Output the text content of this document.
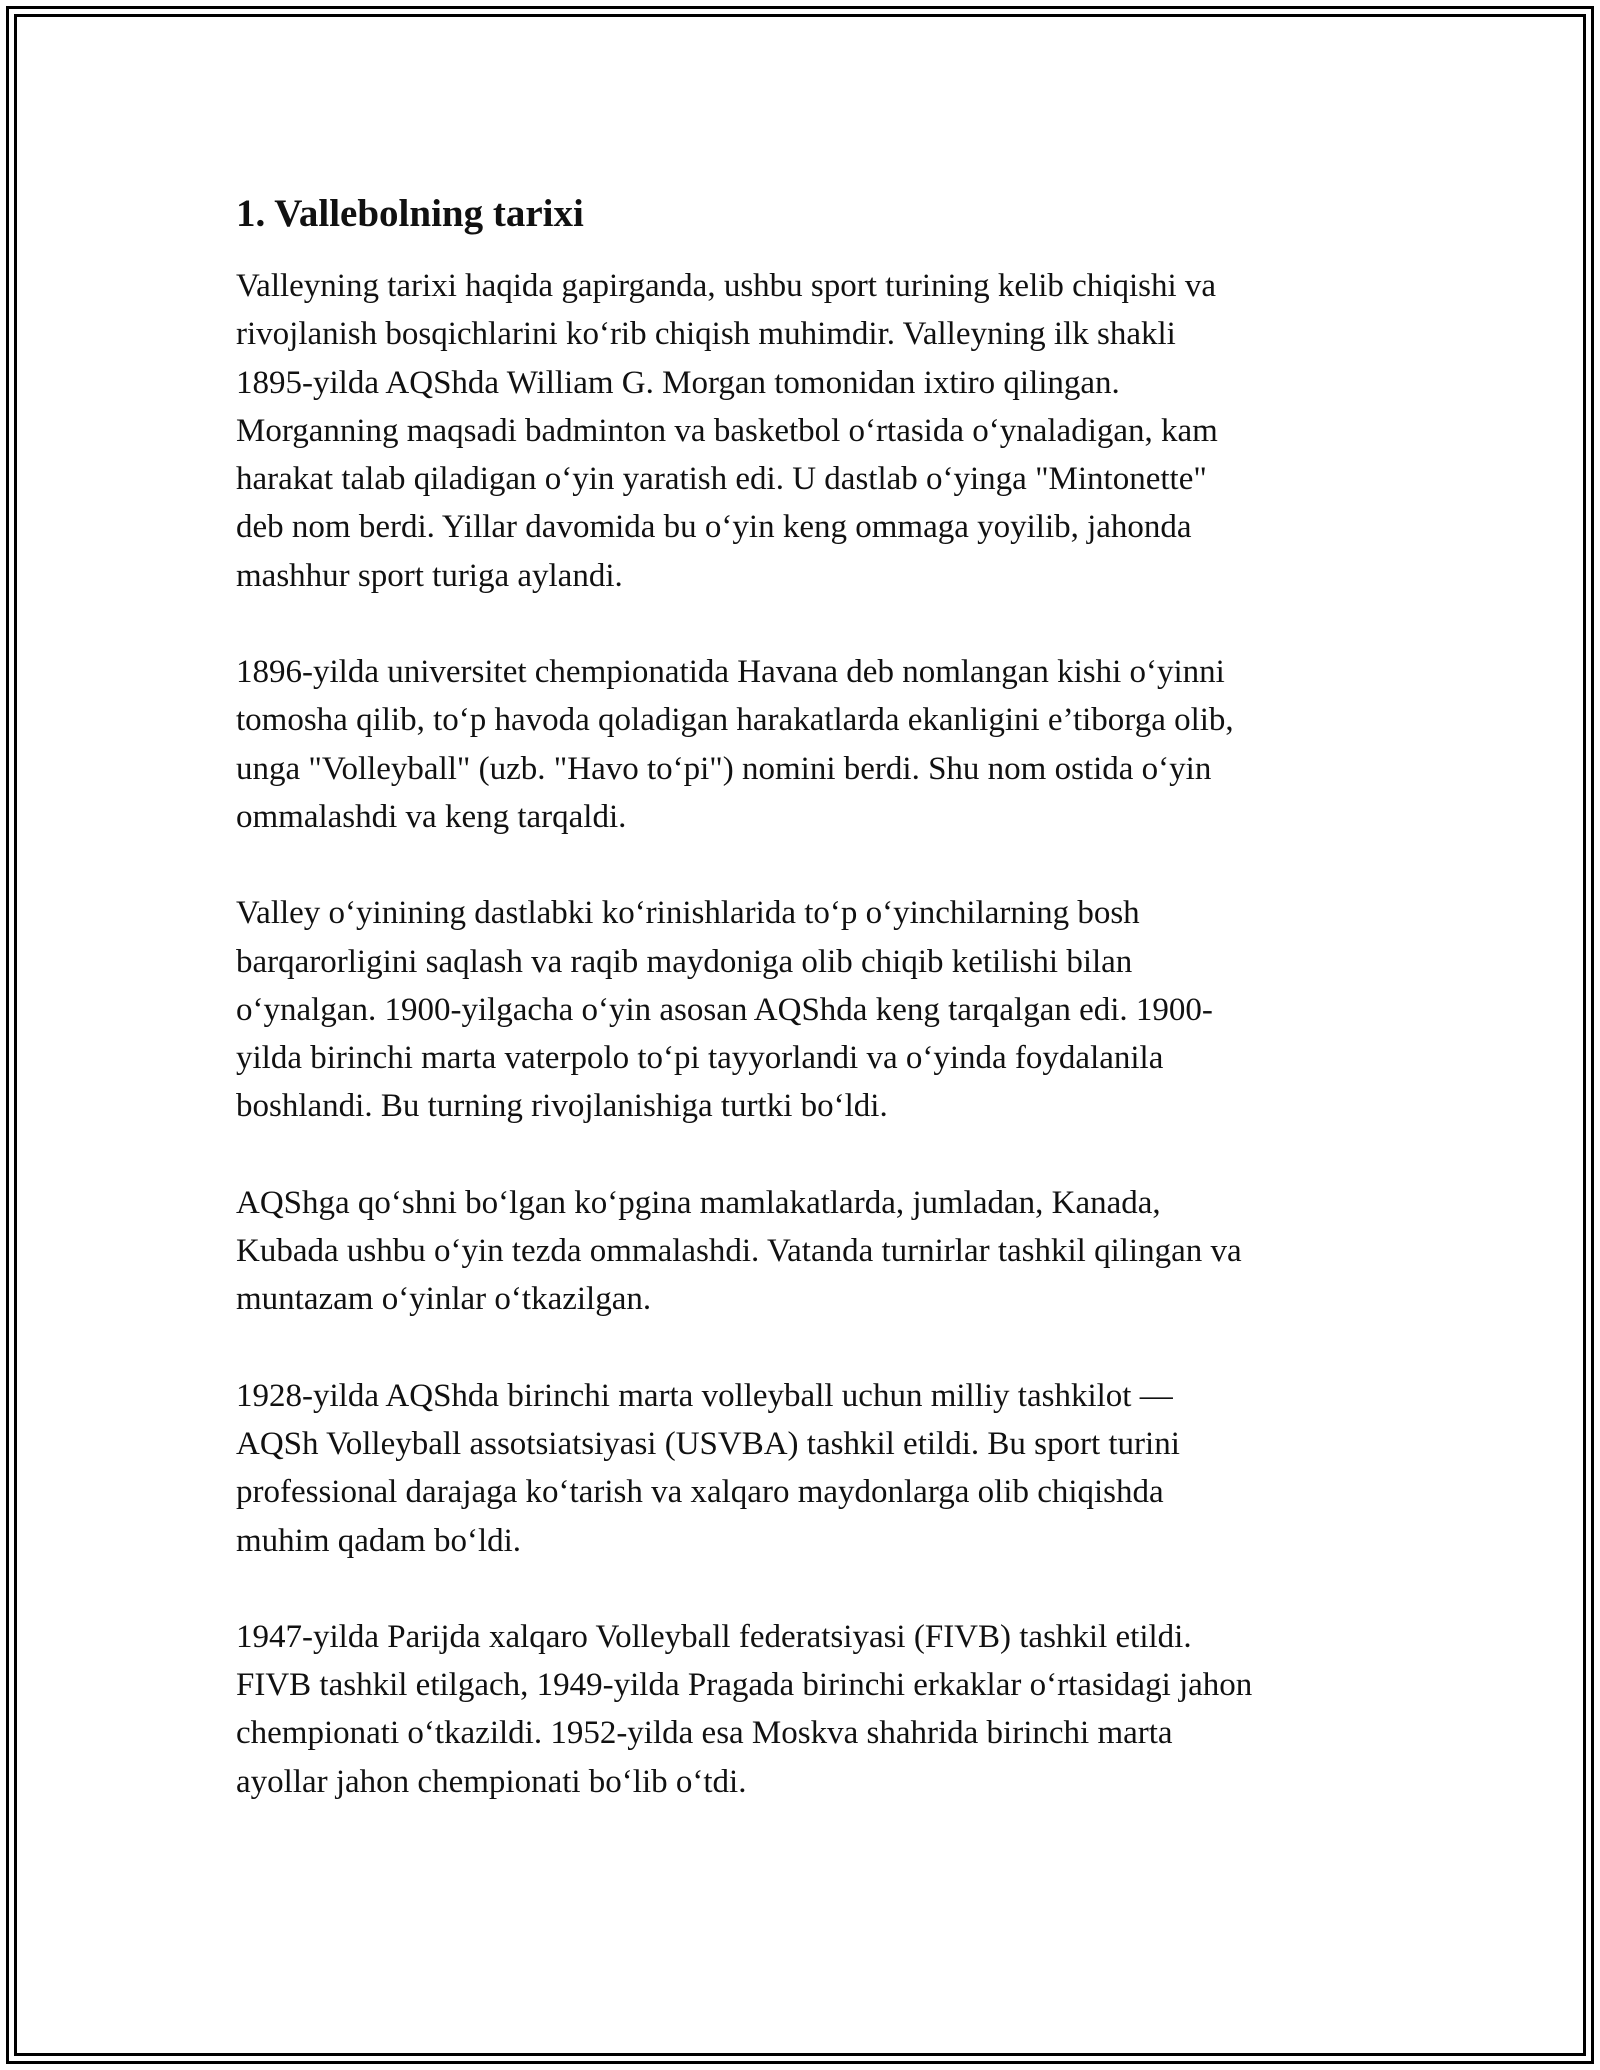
1. Vallebolning tarixi

Valleyning tarixi haqida gapirganda, ushbu sport turining kelib chiqishi va
rivojlanish bosqichlarini koʻrib chiqish muhimdir. Valleyning ilk shakli
1895-yilda AQShda William G. Morgan tomonidan ixtiro qilingan.
Morganning maqsadi badminton va basketbol oʻrtasida oʻynaladigan, kam
harakat talab qiladigan oʻyin yaratish edi. U dastlab oʻyinga "Mintonette"
deb nom berdi. Yillar davomida bu oʻyin keng ommaga yoyilib, jahonda
mashhur sport turiga aylandi.

1896-yilda universitet chempionatida Havana deb nomlangan kishi oʻyinni
tomosha qilib, toʻp havoda qoladigan harakatlarda ekanligini e’tiborga olib,
unga "Volleyball" (uzb. "Havo toʻpi") nomini berdi. Shu nom ostida oʻyin
ommalashdi va keng tarqaldi.

Valley oʻyinining dastlabki koʻrinishlarida toʻp oʻyinchilarning bosh
barqarorligini saqlash va raqib maydoniga olib chiqib ketilishi bilan
oʻynalgan. 1900-yilgacha oʻyin asosan AQShda keng tarqalgan edi. 1900-
yilda birinchi marta vaterpolo toʻpi tayyorlandi va oʻyinda foydalanila
boshlandi. Bu turning rivojlanishiga turtki boʻldi.

AQShga qoʻshni boʻlgan koʻpgina mamlakatlarda, jumladan, Kanada,
Kubada ushbu oʻyin tezda ommalashdi. Vatanda turnirlar tashkil qilingan va
muntazam oʻyinlar oʻtkazilgan.

1928-yilda AQShda birinchi marta volleyball uchun milliy tashkilot —
AQSh Volleyball assotsiatsiyasi (USVBA) tashkil etildi. Bu sport turini
professional darajaga koʻtarish va xalqaro maydonlarga olib chiqishda
muhim qadam boʻldi.

1947-yilda Parijda xalqaro Volleyball federatsiyasi (FIVB) tashkil etildi.
FIVB tashkil etilgach, 1949-yilda Pragada birinchi erkaklar oʻrtasidagi jahon
chempionati oʻtkazildi. 1952-yilda esa Moskva shahrida birinchi marta
ayollar jahon chempionati boʻlib oʻtdi.
